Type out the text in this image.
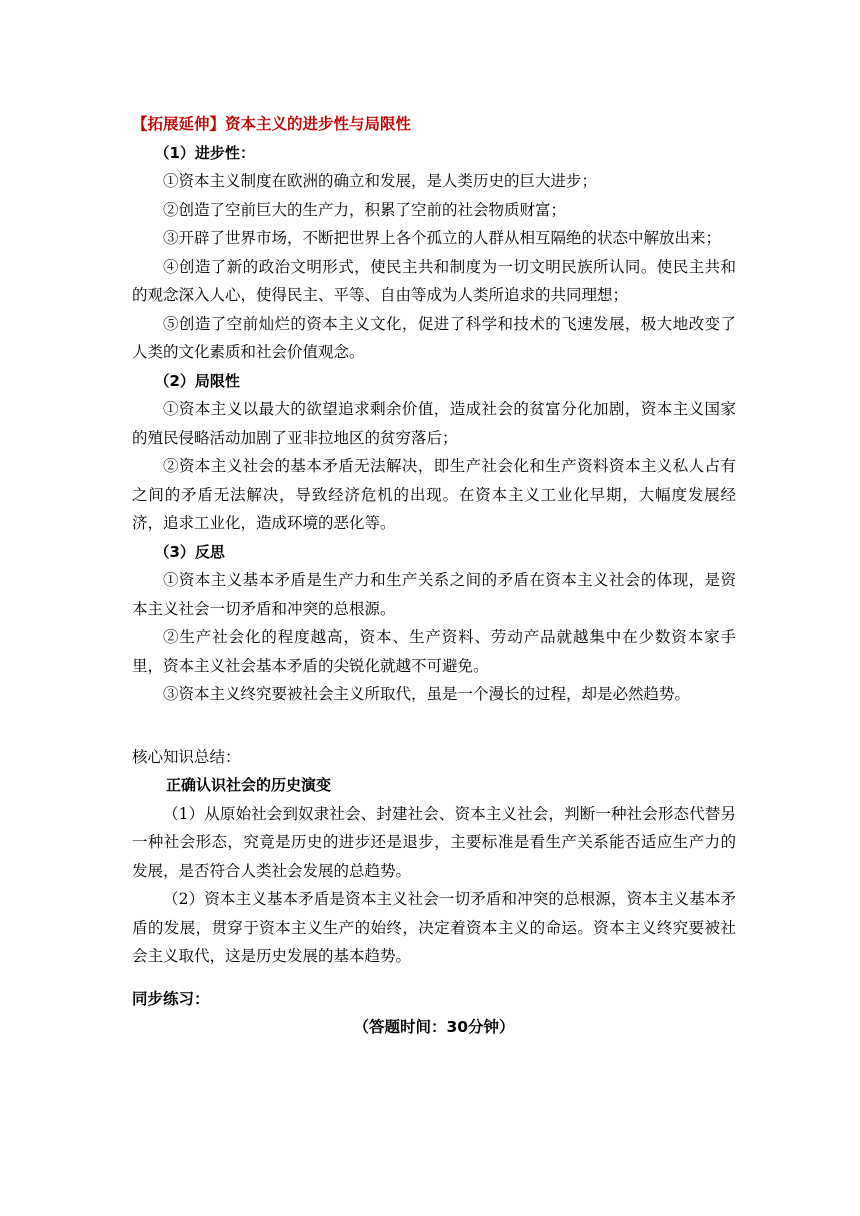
【拓展延伸】资本主义的进步性与局限性

（1）进步性：

①资本主义制度在欧洲的确立和发展，是人类历史的巨大进步；

②创造了空前巨大的生产力，积累了空前的社会物质财富；

③开辟了世界市场，不断把世界上各个孤立的人群从相互隔绝的状态中解放出来；

④创造了新的政治文明形式，使民主共和制度为一切文明民族所认同。使民主共和的观念深入人心，使得民主、平等、自由等成为人类所追求的共同理想；

⑤创造了空前灿烂的资本主义文化，促进了科学和技术的飞速发展，极大地改变了人类的文化素质和社会价值观念。

（2）局限性

①资本主义以最大的欲望追求剩余价值，造成社会的贫富分化加剧，资本主义国家的殖民侵略活动加剧了亚非拉地区的贫穷落后；

②资本主义社会的基本矛盾无法解决，即生产社会化和生产资料资本主义私人占有之间的矛盾无法解决，导致经济危机的出现。在资本主义工业化早期，大幅度发展经济，追求工业化，造成环境的恶化等。

（3）反思

①资本主义基本矛盾是生产力和生产关系之间的矛盾在资本主义社会的体现，是资本主义社会一切矛盾和冲突的总根源。

②生产社会化的程度越高，资本、生产资料、劳动产品就越集中在少数资本家手里，资本主义社会基本矛盾的尖锐化就越不可避免。

③资本主义终究要被社会主义所取代，虽是一个漫长的过程，却是必然趋势。

核心知识总结：

正确认识社会的历史演变

（1）从原始社会到奴隶社会、封建社会、资本主义社会，判断一种社会形态代替另一种社会形态，究竟是历史的进步还是退步，主要标准是看生产关系能否适应生产力的发展，是否符合人类社会发展的总趋势。

（2）资本主义基本矛盾是资本主义社会一切矛盾和冲突的总根源，资本主义基本矛盾的发展，贯穿于资本主义生产的始终，决定着资本主义的命运。资本主义终究要被社会主义取代，这是历史发展的基本趋势。

同步练习：

（答题时间：30分钟）
